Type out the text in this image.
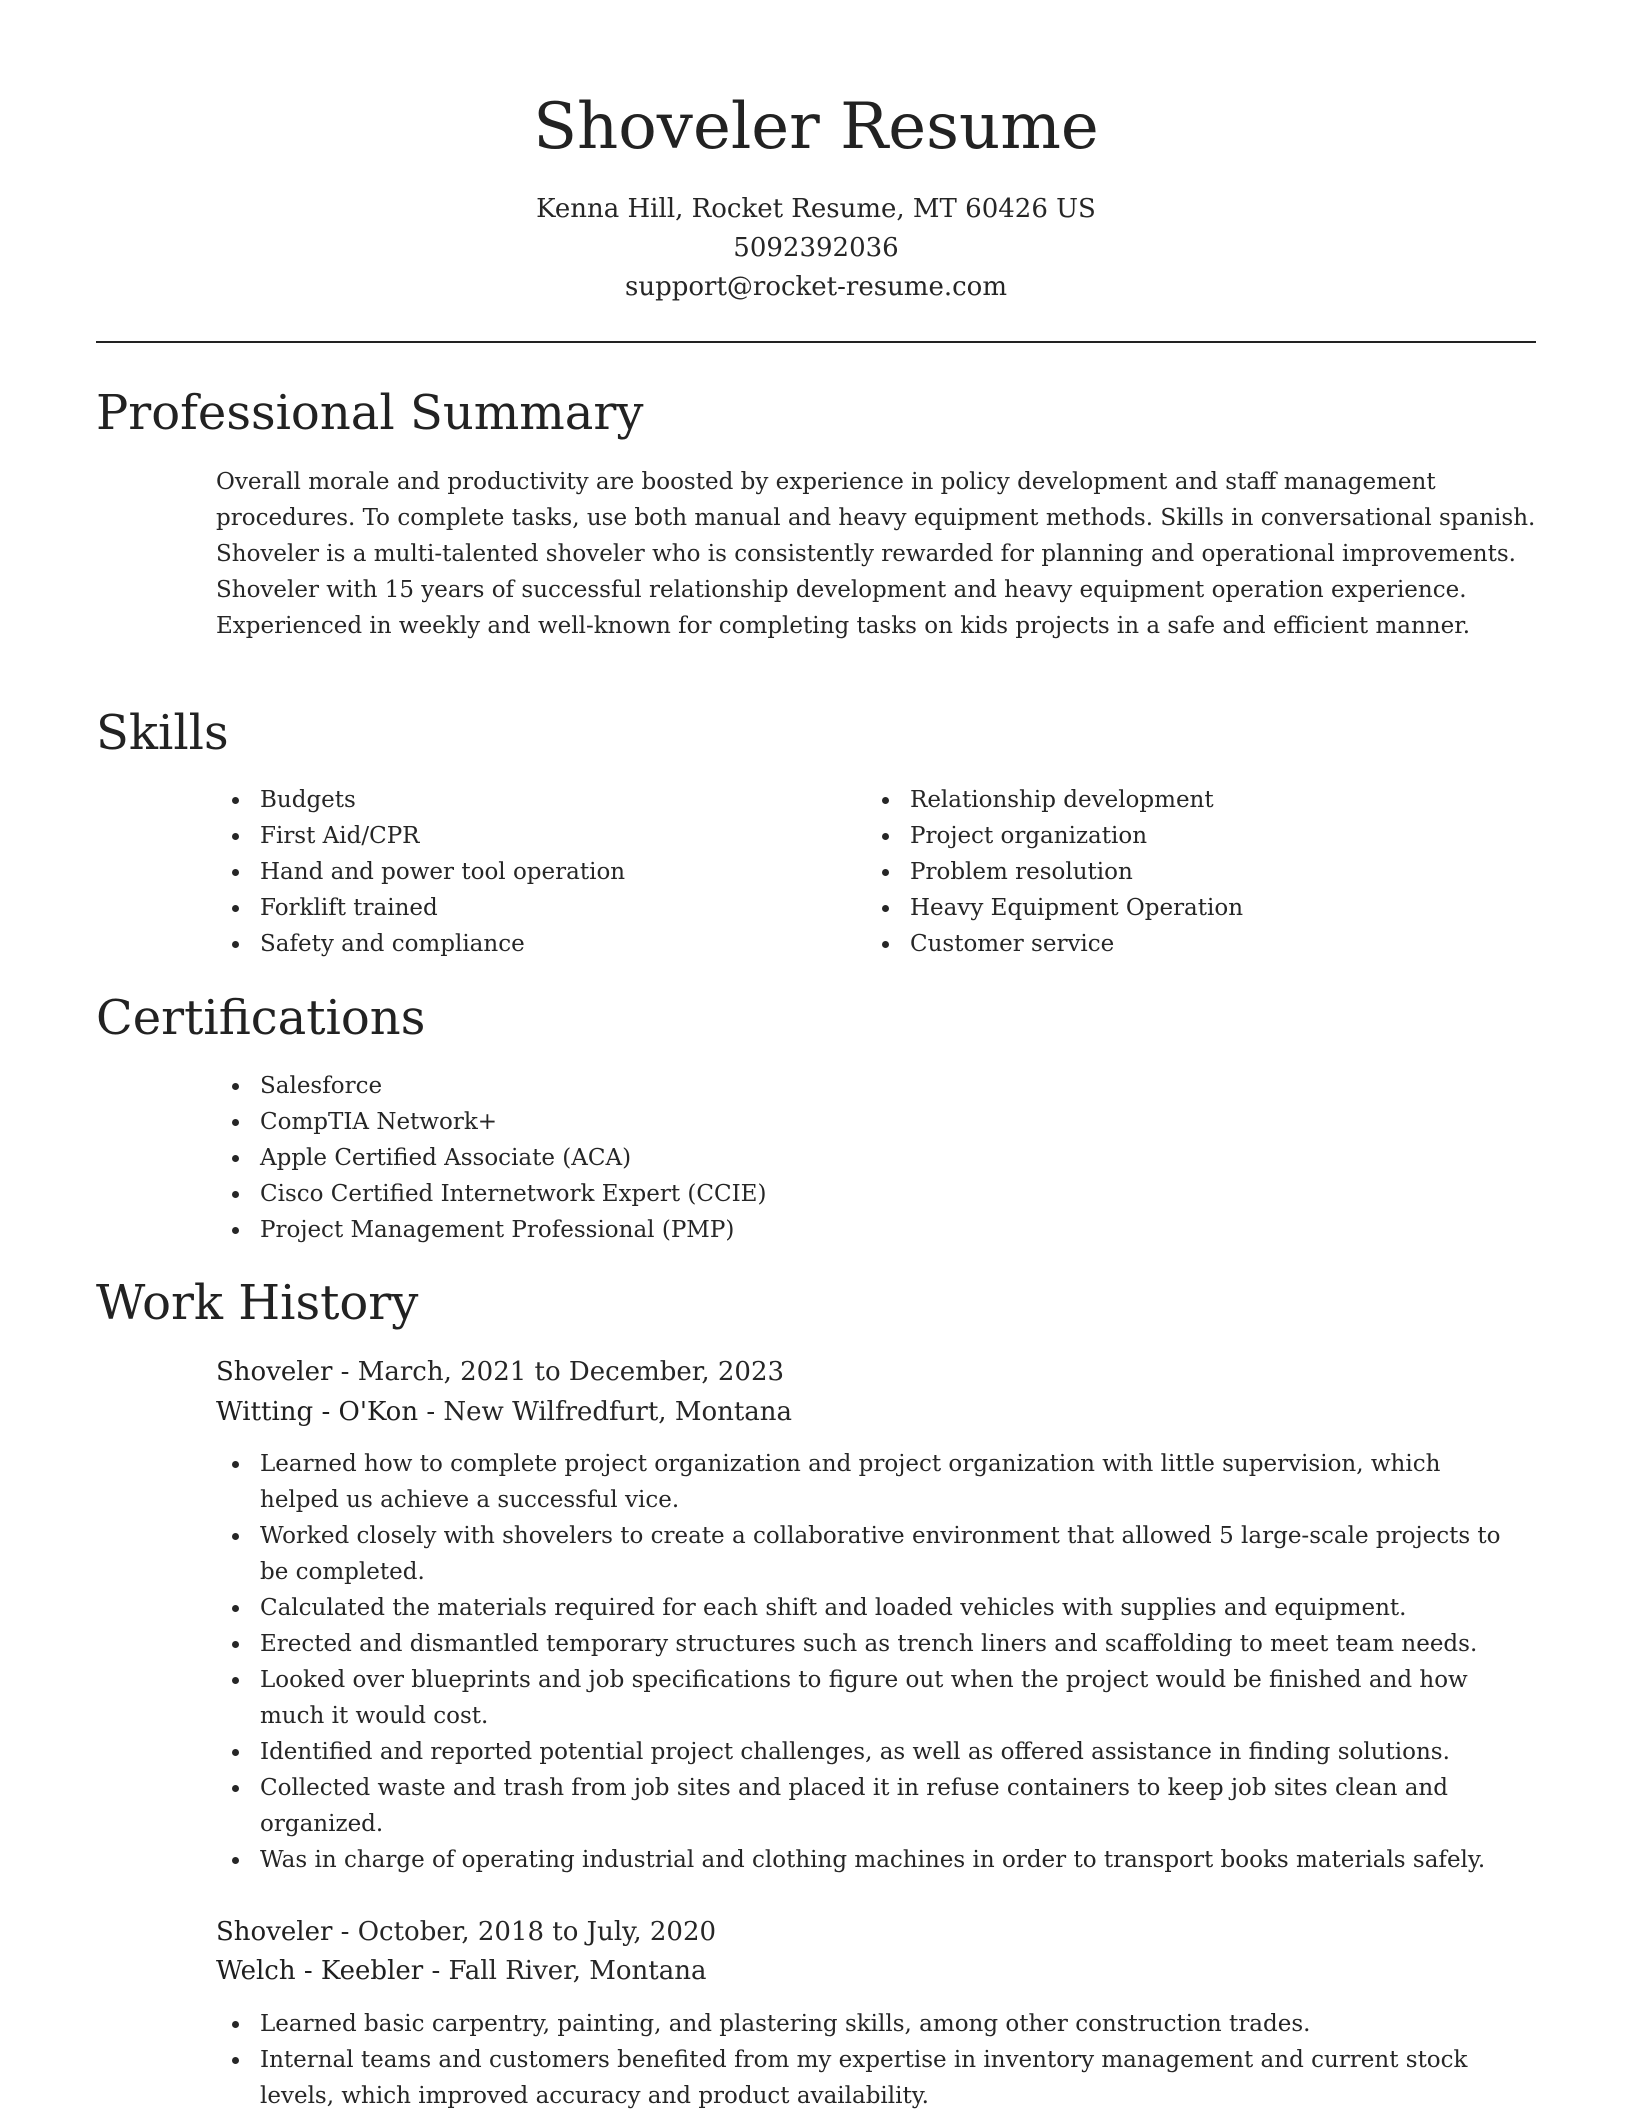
Shoveler Resume
Kenna Hill, Rocket Resume, MT 60426 US
5092392036
support@rocket-resume.com
Professional Summary

Overall morale and productivity are boosted by experience in policy development and staff management procedures. To complete tasks, use both manual and heavy equipment methods. Skills in conversational spanish. Shoveler is a multi-talented shoveler who is consistently rewarded for planning and operational improvements. Shoveler with 15 years of successful relationship development and heavy equipment operation experience. Experienced in weekly and well-known for completing tasks on kids projects in a safe and efficient manner.

Skills
Budgets
First Aid/CPR
Hand and power tool operation
Forklift trained
Safety and compliance
Relationship development
Project organization
Problem resolution
Heavy Equipment Operation
Customer service
Certifications
Salesforce
CompTIA Network+
Apple Certified Associate (ACA)
Cisco Certified Internetwork Expert (CCIE)
Project Management Professional (PMP)
Work History
Shoveler - March, 2021 to December, 2023
Witting - O'Kon - New Wilfredfurt, Montana
Learned how to complete project organization and project organization with little supervision, which helped us achieve a successful vice.
Worked closely with shovelers to create a collaborative environment that allowed 5 large-scale projects to be completed.
Calculated the materials required for each shift and loaded vehicles with supplies and equipment.
Erected and dismantled temporary structures such as trench liners and scaffolding to meet team needs.
Looked over blueprints and job specifications to figure out when the project would be finished and how much it would cost.
Identified and reported potential project challenges, as well as offered assistance in finding solutions.
Collected waste and trash from job sites and placed it in refuse containers to keep job sites clean and organized.
Was in charge of operating industrial and clothing machines in order to transport books materials safely.
Shoveler - October, 2018 to July, 2020
Welch - Keebler - Fall River, Montana
Learned basic carpentry, painting, and plastering skills, among other construction trades.
Internal teams and customers benefited from my expertise in inventory management and current stock levels, which improved accuracy and product availability.
